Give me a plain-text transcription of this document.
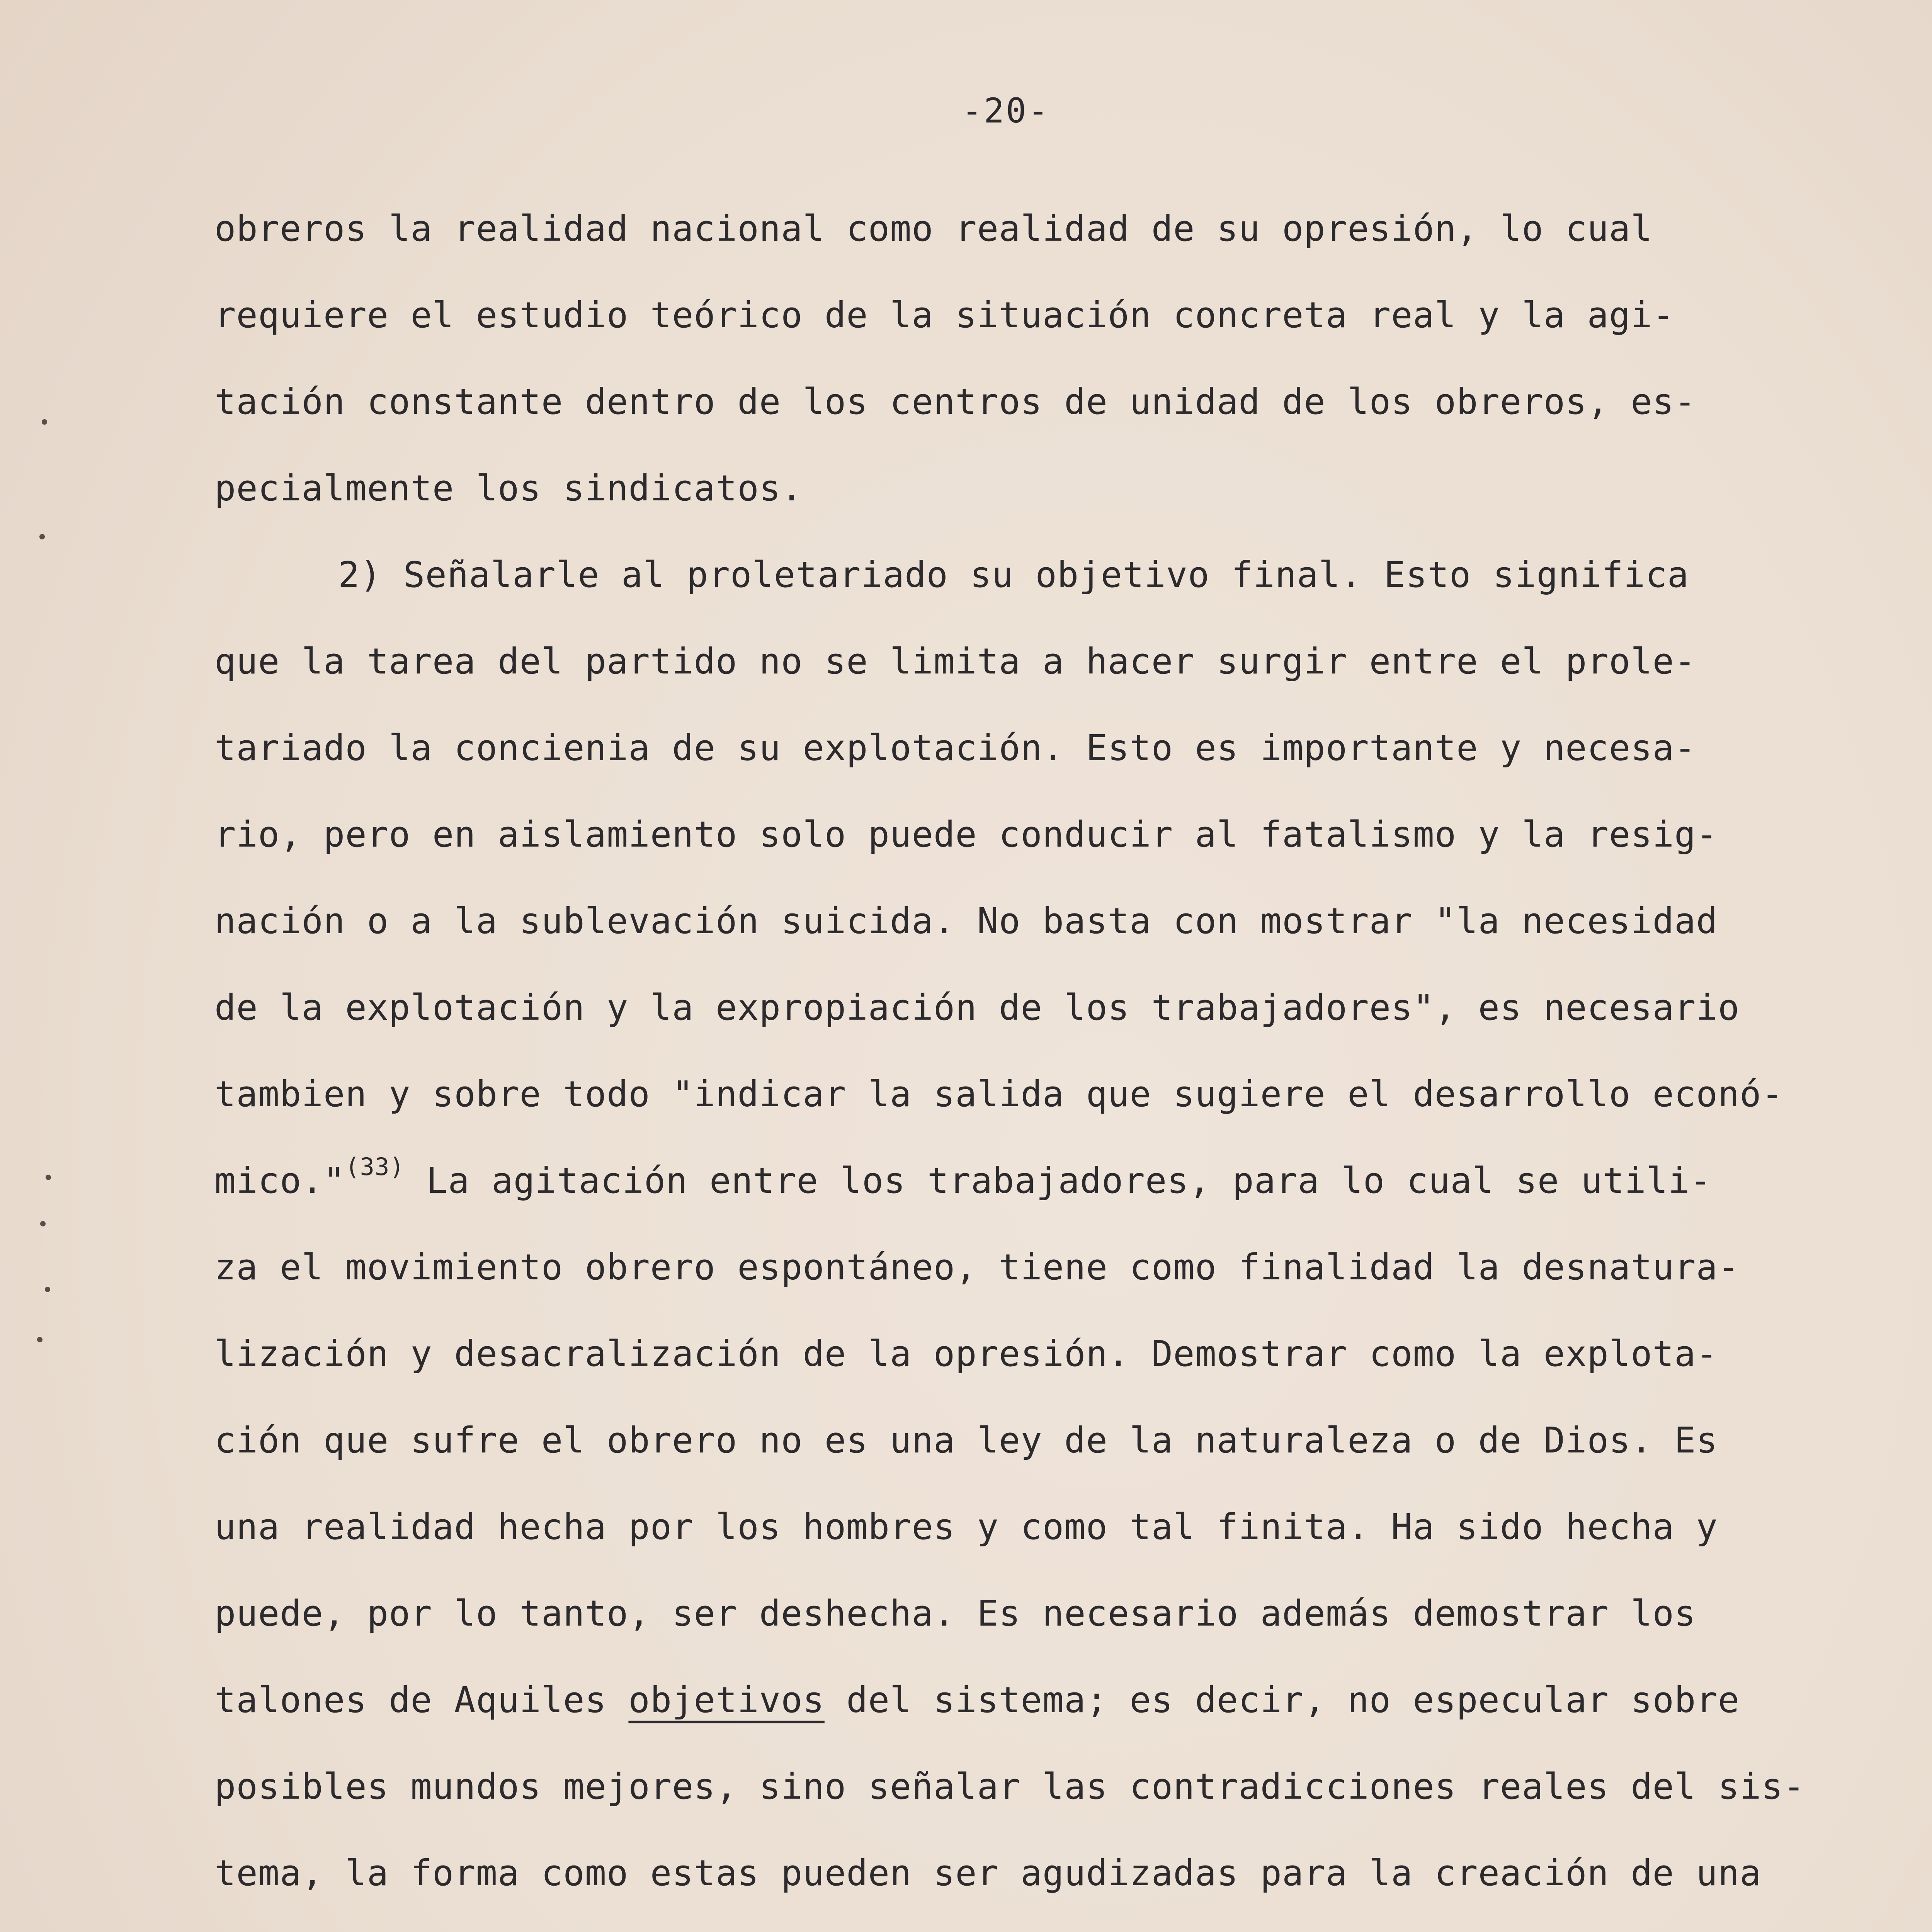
-20-
obreros la realidad nacional como realidad de su opresión, lo cual
requiere el estudio teórico de la situación concreta real y la agi-
tación constante dentro de los centros de unidad de los obreros, es-
pecialmente los sindicatos.
2) Señalarle al proletariado su objetivo final. Esto significa
que la tarea del partido no se limita a hacer surgir entre el prole-
tariado la concienia de su explotación. Esto es importante y necesa-
rio, pero en aislamiento solo puede conducir al fatalismo y la resig-
nación o a la sublevación suicida. No basta con mostrar "la necesidad
de la explotación y la expropiación de los trabajadores", es necesario
tambien y sobre todo "indicar la salida que sugiere el desarrollo econó-
mico."$^{(33)}$ La agitación entre los trabajadores, para lo cual se utili-
za el movimiento obrero espontáneo, tiene como finalidad la desnatura-
lización y desacralización de la opresión. Demostrar como la explota-
ción que sufre el obrero no es una ley de la naturaleza o de Dios. Es
una realidad hecha por los hombres y como tal finita. Ha sido hecha y
puede, por lo tanto, ser deshecha. Es necesario además demostrar los
talones de Aquiles objetivos del sistema; es decir, no especular sobre
posibles mundos mejores, sino señalar las contradicciones reales del sis-
tema, la forma como estas pueden ser agudizadas para la creación de una
